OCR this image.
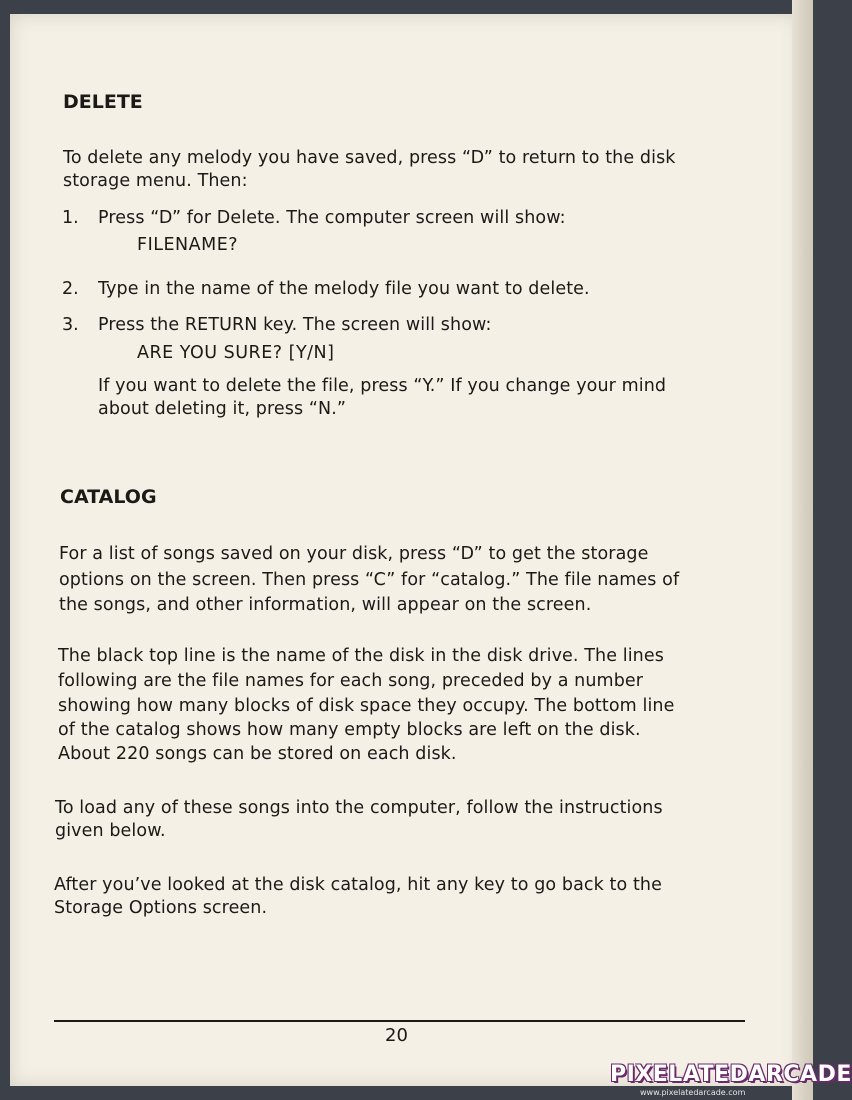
DELETE

To delete any melody you have saved, press “D” to return to the disk

storage menu. Then:

1. Press “D” for Delete. The computer screen will show:

FILENAME?

2. Type in the name of the melody file you want to delete.

3. Press the RETURN key. The screen will show:

ARE YOU SURE? [Y/N]

If you want to delete the file, press “Y.” If you change your mind

about deleting it, press “N.”

CATALOG

For a list of songs saved on your disk, press “D” to get the storage

options on the screen. Then press “C” for “catalog.” The file names of

the songs, and other information, will appear on the screen.

The black top line is the name of the disk in the disk drive. The lines

following are the file names for each song, preceded by a number

showing how many blocks of disk space they occupy. The bottom line

of the catalog shows how many empty blocks are left on the disk.

About 220 songs can be stored on each disk.

To load any of these songs into the computer, follow the instructions

given below.

After you’ve looked at the disk catalog, hit any key to go back to the

Storage Options screen.

20
PIXELATEDARCADE
www.pixelatedarcade.com
